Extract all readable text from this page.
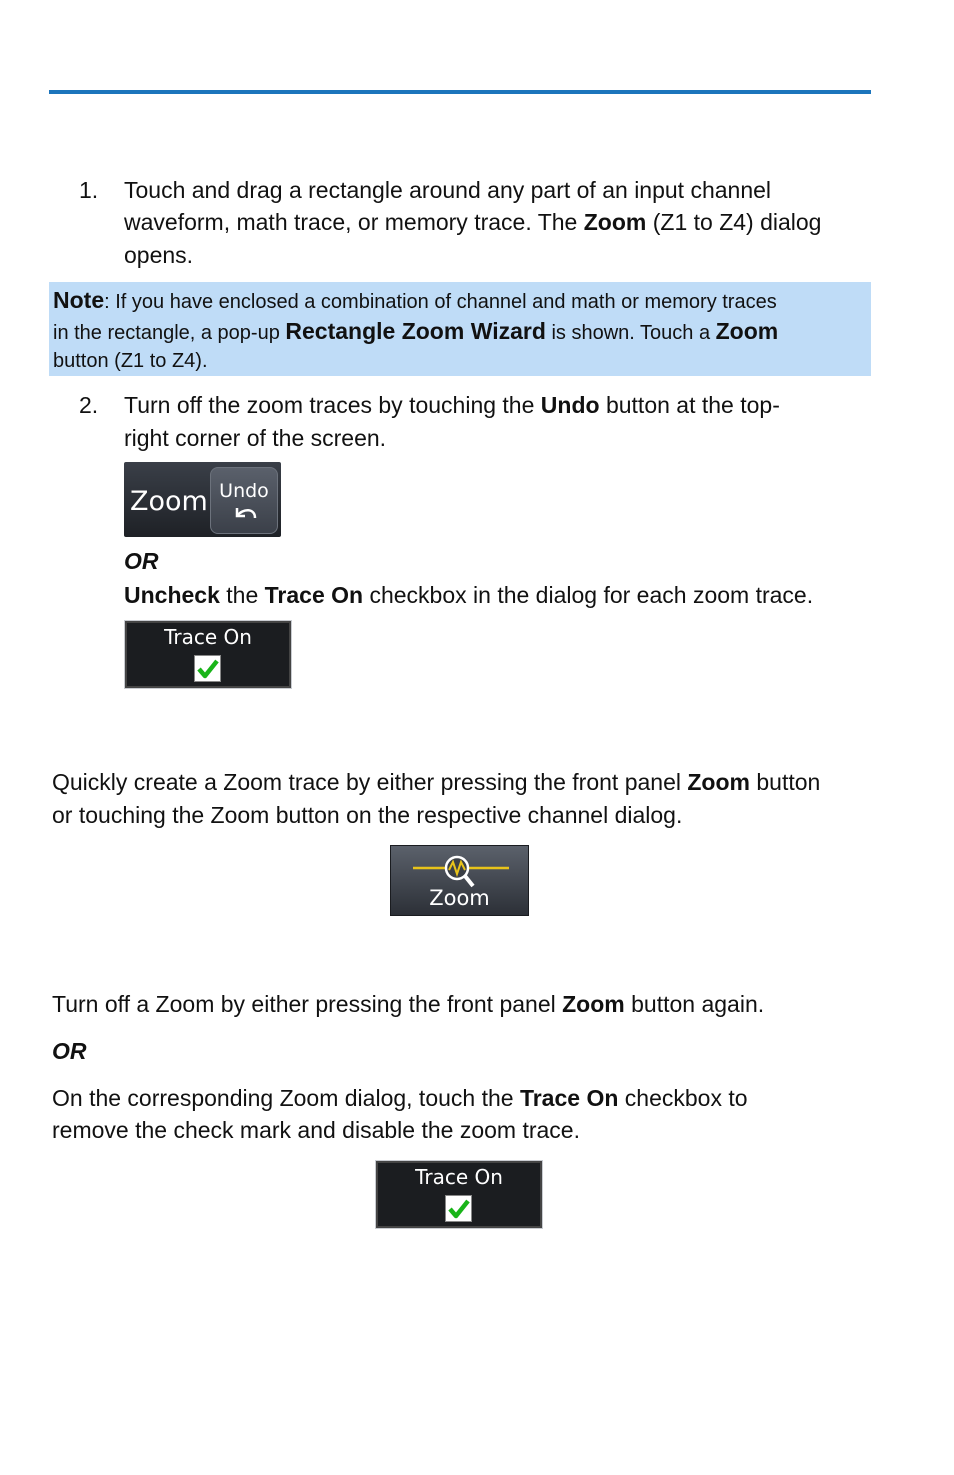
1. Touch and drag a rectangle around any part of an input channel

waveform, math trace, or memory trace. The Zoom (Z1 to Z4) dialog

opens.

Note: If you have enclosed a combination of channel and math or memory traces
in the rectangle, a pop-up Rectangle Zoom Wizard is shown. Touch a Zoom
button (Z1 to Z4).
2. Turn off the zoom traces by touching the Undo button at the top-

right corner of the screen.

Zoom Undo

OR

Uncheck the Trace On checkbox in the dialog for each zoom trace.

Trace On

Quickly create a Zoom trace by either pressing the front panel Zoom button

or touching the Zoom button on the respective channel dialog.

Zoom

Turn off a Zoom by either pressing the front panel Zoom button again.

OR

On the corresponding Zoom dialog, touch the Trace On checkbox to

remove the check mark and disable the zoom trace.

Trace On
